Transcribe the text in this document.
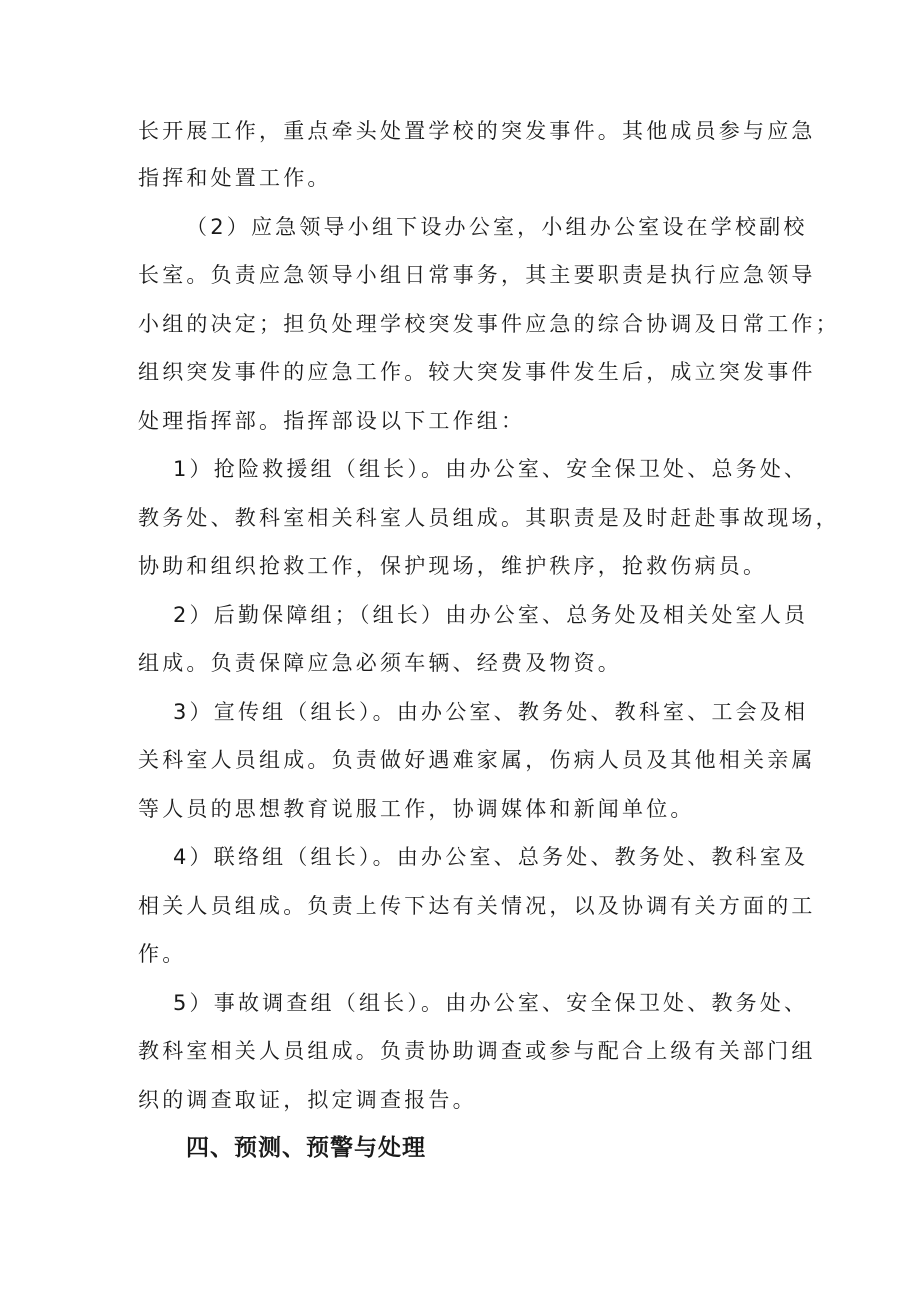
长开展工作，重点牵头处置学校的突发事件。其他成员参与应急
指挥和处置工作。
（2）应急领导小组下设办公室，小组办公室设在学校副校
长室。负责应急领导小组日常事务，其主要职责是执行应急领导
小组的决定；担负处理学校突发事件应急的综合协调及日常工作；
组织突发事件的应急工作。较大突发事件发生后，成立突发事件
处理指挥部。指挥部设以下工作组：
1）抢险救援组（组长）。由办公室、安全保卫处、总务处、
教务处、教科室相关科室人员组成。其职责是及时赶赴事故现场，
协助和组织抢救工作，保护现场，维护秩序，抢救伤病员。
2）后勤保障组；（组长）由办公室、总务处及相关处室人员
组成。负责保障应急必须车辆、经费及物资。
3）宣传组（组长）。由办公室、教务处、教科室、工会及相
关科室人员组成。负责做好遇难家属，伤病人员及其他相关亲属
等人员的思想教育说服工作，协调媒体和新闻单位。
4）联络组（组长）。由办公室、总务处、教务处、教科室及
相关人员组成。负责上传下达有关情况，以及协调有关方面的工
作。
5）事故调查组（组长）。由办公室、安全保卫处、教务处、
教科室相关人员组成。负责协助调查或参与配合上级有关部门组
织的调查取证，拟定调查报告。
四、预测、预警与处理
